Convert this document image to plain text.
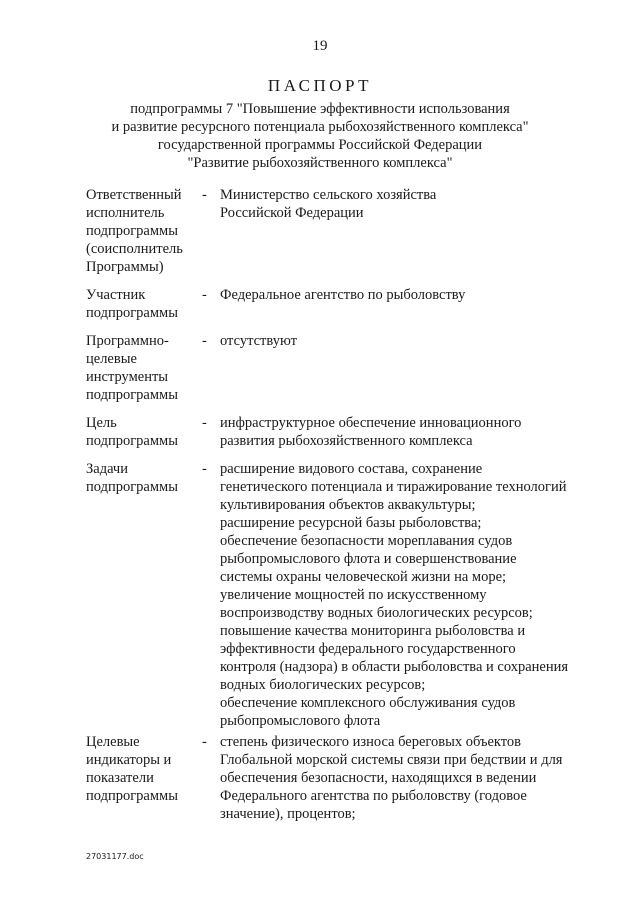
19
ПАСПОРТ
подпрограммы 7 "Повышение эффективности использования
и развитие ресурсного потенциала рыбохозяйственного комплекса"
государственной программы Российской Федерации
"Развитие рыбохозяйственного комплекса"
Ответственный
исполнитель
подпрограммы
(соисполнитель
Программы)
- Министерство сельского хозяйства
Российской Федерации
Участник
подпрограммы
- Федеральное агентство по рыболовству
Программно-
целевые
инструменты
подпрограммы
- отсутствуют
Цель
подпрограммы
- инфраструктурное обеспечение инновационного
развития рыбохозяйственного комплекса
Задачи
подпрограммы
- расширение видового состава, сохранение
генетического потенциала и тиражирование технологий
культивирования объектов аквакультуры;
расширение ресурсной базы рыболовства;
обеспечение безопасности мореплавания судов
рыбопромыслового флота и совершенствование
системы охраны человеческой жизни на море;
увеличение мощностей по искусственному
воспроизводству водных биологических ресурсов;
повышение качества мониторинга рыболовства и
эффективности федерального государственного
контроля (надзора) в области рыболовства и сохранения
водных биологических ресурсов;
обеспечение комплексного обслуживания судов
рыбопромыслового флота
Целевые
индикаторы и
показатели
подпрограммы
- степень физического износа береговых объектов
Глобальной морской системы связи при бедствии и для
обеспечения безопасности, находящихся в ведении
Федерального агентства по рыболовству (годовое
значение), процентов;
27031177.doc
